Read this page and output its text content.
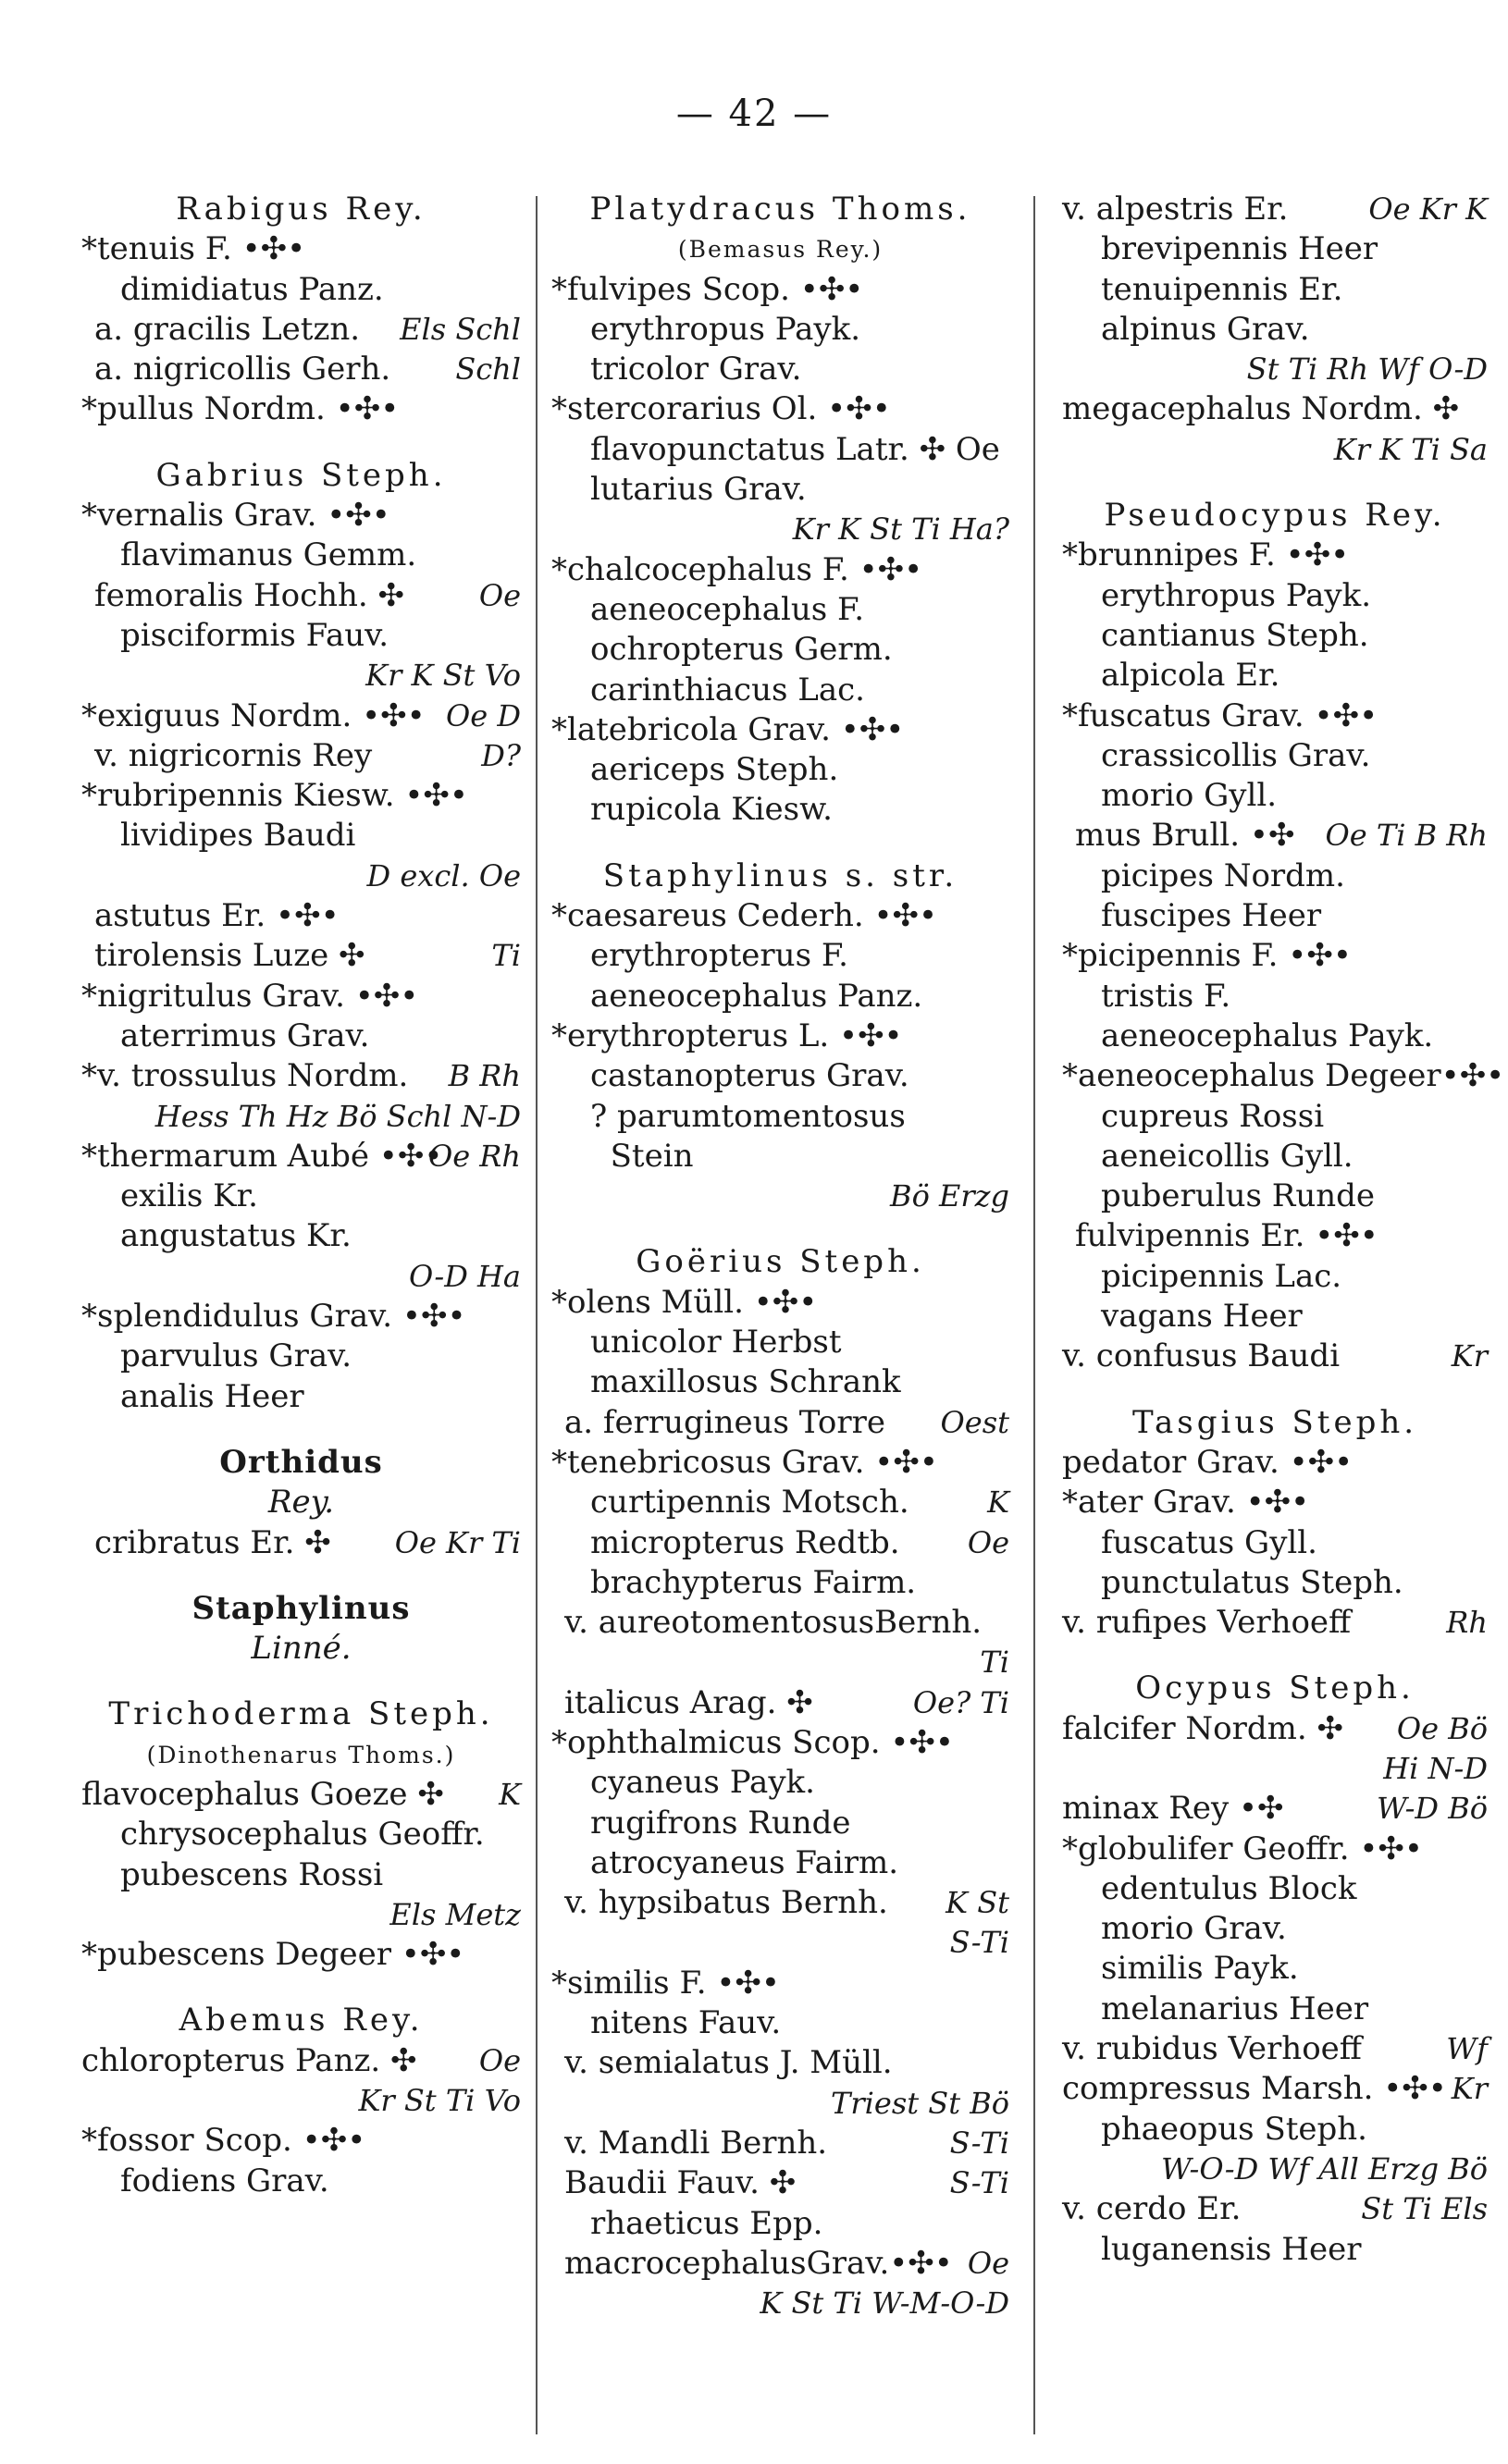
— 42 —
Rabigus Rey.
*tenuis F. •✣•
dimidiatus Panz.
a. gracilis Letzn. Els Schl
a. nigricollis Gerh. Schl
*pullus Nordm. •✣•
Gabrius Steph.
*vernalis Grav. •✣•
flavimanus Gemm.
femoralis Hochh. ✣	Oe
pisciformis Fauv.
Kr K St Vo
*exiguus Nordm. •✣• Oe D
v. nigricornis Rey	D?
*rubripennis Kiesw. •✣•
lividipes Baudi
D excl. Oe
astutus Er. •✣•
tirolensis Luze ✣	Ti
*nigritulus Grav. •✣•
aterrimus Grav.
*v. trossulus Nordm. B Rh
Hess Th Hz Bö Schl N-D
*thermarum Aubé •✣•
Oe Rh
exilis Kr.
angustatus Kr.
O-D Ha
*splendidulus Grav. •✣•
parvulus Grav.
analis Heer
Orthidus
Rey.
cribratus Er. ✣ Oe Kr Ti
Staphylinus
Linné.
Trichoderma Steph.
(Dinothenarus Thoms.)
flavocephalus Goeze ✣ K
chrysocephalus Geoffr.
pubescens Rossi
Els Metz
*pubescens Degeer •✣•
Abemus Rey.
chloropterus Panz. ✣ Oe
Kr St Ti Vo
*fossor Scop. •✣•
fodiens Grav.
Platydracus Thoms.
(Bemasus Rey.)
*fulvipes Scop. •✣•
erythropus Payk.
tricolor Grav.
*stercorarius Ol. •✣•
flavopunctatus Latr. ✣ Oe
lutarius Grav.
Kr K St Ti Ha?
*chalcocephalus F. •✣•
aeneocephalus F.
ochropterus Germ.
carinthiacus Lac.
*latebricola Grav. •✣•
aericeps Steph.
rupicola Kiesw.
Staphylinus s. str.
*caesareus Cederh. •✣•
erythropterus F.
aeneocephalus Panz.
*erythropterus L. •✣•
castanopterus Grav.
? parumtomentosus
Stein
Bö Erzg
Goërius Steph.
*olens Müll. •✣•
unicolor Herbst
maxillosus Schrank
a. ferrugineus Torre Oest
*tenebricosus Grav. •✣•
curtipennis Motsch.	K
micropterus Redtb. Oe
brachypterus Fairm.
v. aureotomentosusBernh.
Ti
italicus Arag. ✣	Oe? Ti
*ophthalmicus Scop. •✣•
cyaneus Payk.
rugifrons Runde
atrocyaneus Fairm.
v. hypsibatus Bernh. K St
S-Ti
*similis F. •✣•
nitens Fauv.
v. semialatus J. Müll.
Triest St Bö
v. Mandli Bernh.	S-Ti
Baudii Fauv. ✣	S-Ti
rhaeticus Epp.
macrocephalusGrav.•✣• Oe
K St Ti W-M-O-D
v. alpestris Er.	Oe Kr K
brevipennis Heer
tenuipennis Er.
alpinus Grav.
St Ti Rh Wf O-D
megacephalus Nordm. ✣
Kr K Ti Sa
Pseudocypus Rey.
*brunnipes F. •✣•
erythropus Payk.
cantianus Steph.
alpicola Er.
*fuscatus Grav. •✣•
crassicollis Grav.
morio Gyll.
mus Brull. •✣ Oe Ti B Rh
picipes Nordm.
fuscipes Heer
*picipennis F. •✣•
tristis F.
aeneocephalus Payk.
*aeneocephalus Degeer•✣•
cupreus Rossi
aeneicollis Gyll.
puberulus Runde
fulvipennis Er. •✣•
picipennis Lac.
vagans Heer
v. confusus Baudi	Kr
Tasgius Steph.
pedator Grav. •✣•
*ater Grav. •✣•
fuscatus Gyll.
punctulatus Steph.
v. rufipes Verhoeff	Rh
Ocypus Steph.
falcifer Nordm. ✣ Oe Bö
Hi N-D
minax Rey •✣	W-D Bö
*globulifer Geoffr. •✣•
edentulus Block
morio Grav.
similis Payk.
melanarius Heer
v. rubidus Verhoeff	Wf
compressus Marsh. •✣• Kr
phaeopus Steph.
W-O-D Wf All Erzg Bö
v. cerdo Er.	St Ti Els
luganensis Heer
